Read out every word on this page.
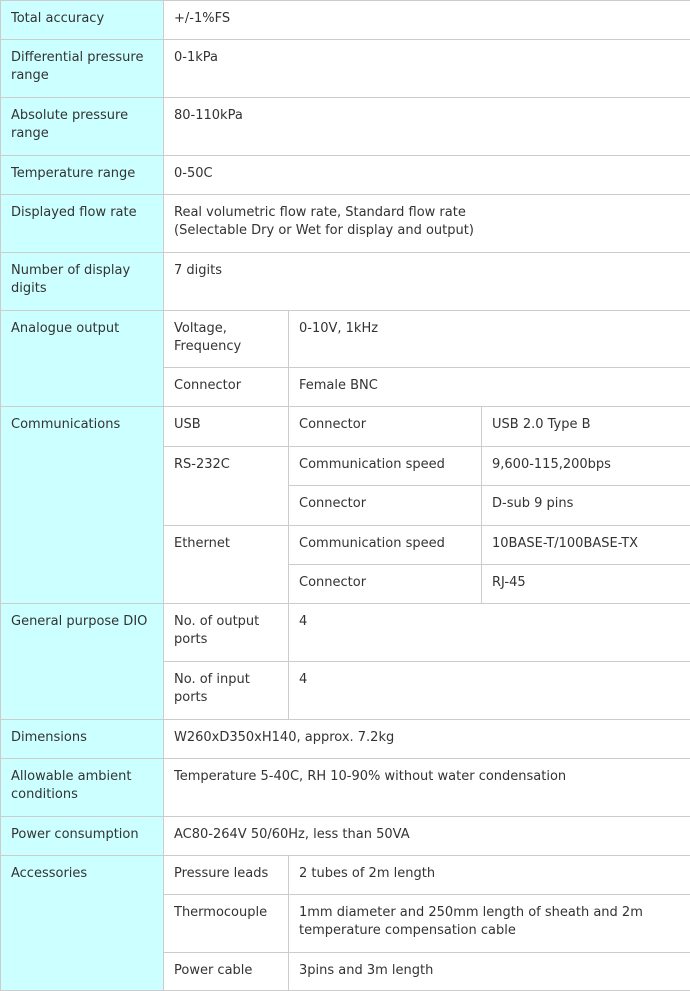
Total accuracy	+/-1%FS		
Differential pressure range	0-1kPa		
Absolute pressure range	80-110kPa		
Temperature range	0-50C		
Displayed flow rate	Real volumetric flow rate, Standard flow rate
(Selectable Dry or Wet for display and output)		
Number of display digits	7 digits		
Analogue output	Voltage, Frequency	0-10V, 1kHz	
	Connector	Female BNC	
Communications	USB	Connector	USB 2.0 Type B
	RS-232C	Communication speed	9,600-115,200bps
		Connector	D-sub 9 pins
	Ethernet	Communication speed	10BASE-T/100BASE-TX
		Connector	RJ-45
General purpose DIO	No. of output ports	4	
	No. of input ports	4	
Dimensions	W260xD350xH140, approx. 7.2kg		
Allowable ambient conditions	Temperature 5-40C, RH 10-90% without water condensation		
Power consumption	AC80-264V 50/60Hz, less than 50VA		
Accessories	Pressure leads	2 tubes of 2m length	
	Thermocouple	1mm diameter and 250mm length of sheath and 2m temperature compensation cable	
	Power cable	3pins and 3m length	
